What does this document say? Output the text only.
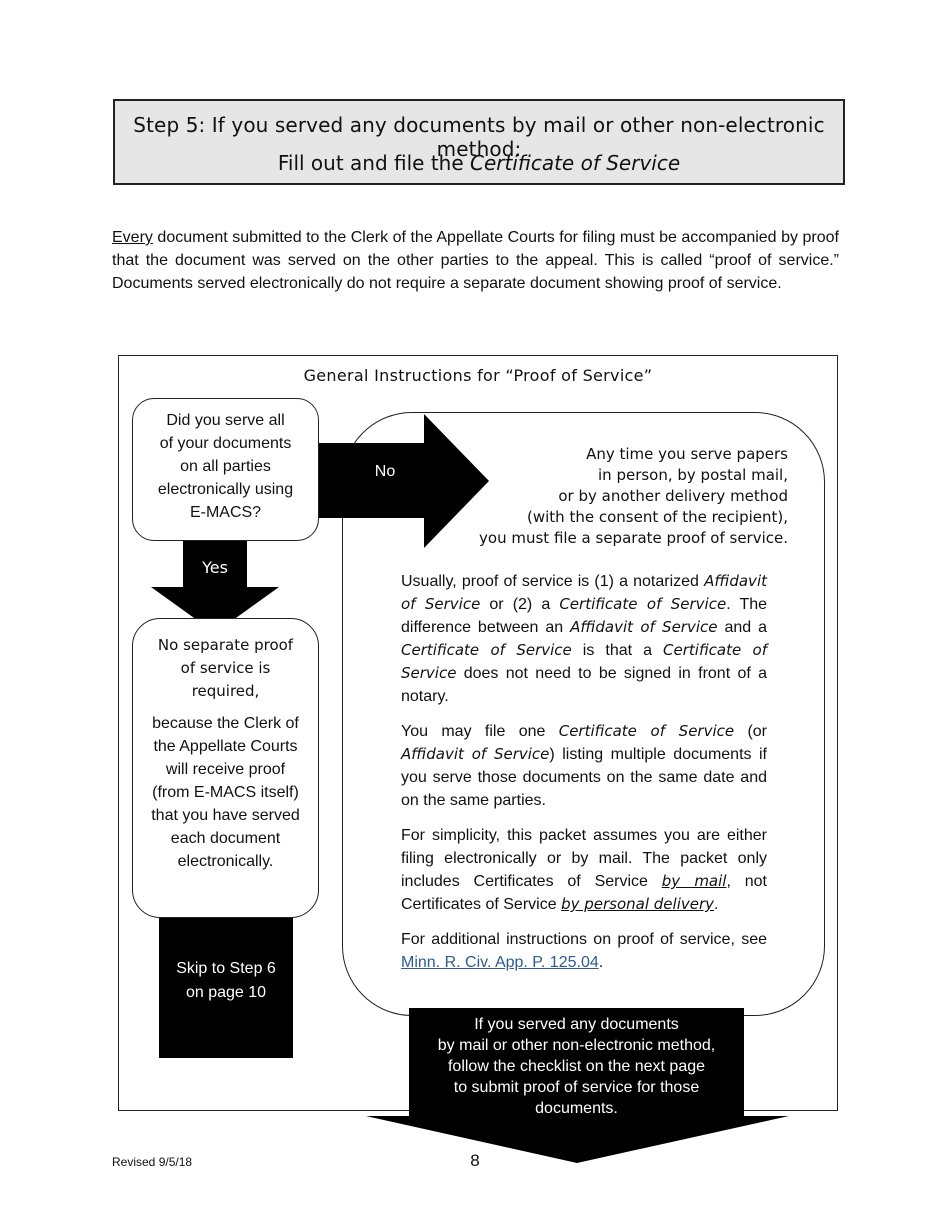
Step 5: If you served any documents by mail or other non-electronic method:
Fill out and file the Certificate of Service
Every document submitted to the Clerk of the Appellate Courts for filing must be accompanied by proof that the document was served on the other parties to the appeal. This is called “proof of service.” Documents served electronically do not require a separate document showing proof of service.
General Instructions for “Proof of Service”
Did you serve all
of your documents
on all parties
electronically using
E-MACS?
No
Yes
Any time you serve papers
in person, by postal mail,
or by another delivery method
(with the consent of the recipient),
you must file a separate proof of service.

Usually, proof of service is (1) a notarized Affidavit of Service or (2) a Certificate of Service. The difference between an Affidavit of Service and a Certificate of Service is that a Certificate of Service does not need to be signed in front of a notary.

You may file one Certificate of Service (or Affidavit of Service) listing multiple documents if you serve those documents on the same date and on the same parties.

For simplicity, this packet assumes you are either filing electronically or by mail. The packet only includes Certificates of Service by mail, not Certificates of Service by personal delivery.

For additional instructions on proof of service, see Minn. R. Civ. App. P. 125.04.

No separate proof
of service is
required,
because the Clerk of the Appellate Courts will receive proof (from E-MACS itself) that you have served each document electronically.
Skip to Step 6
on page 10
If you served any documents
by mail or other non-electronic method,
follow the checklist on the next page
to submit proof of service for those
documents.
Revised 9/5/18	8
